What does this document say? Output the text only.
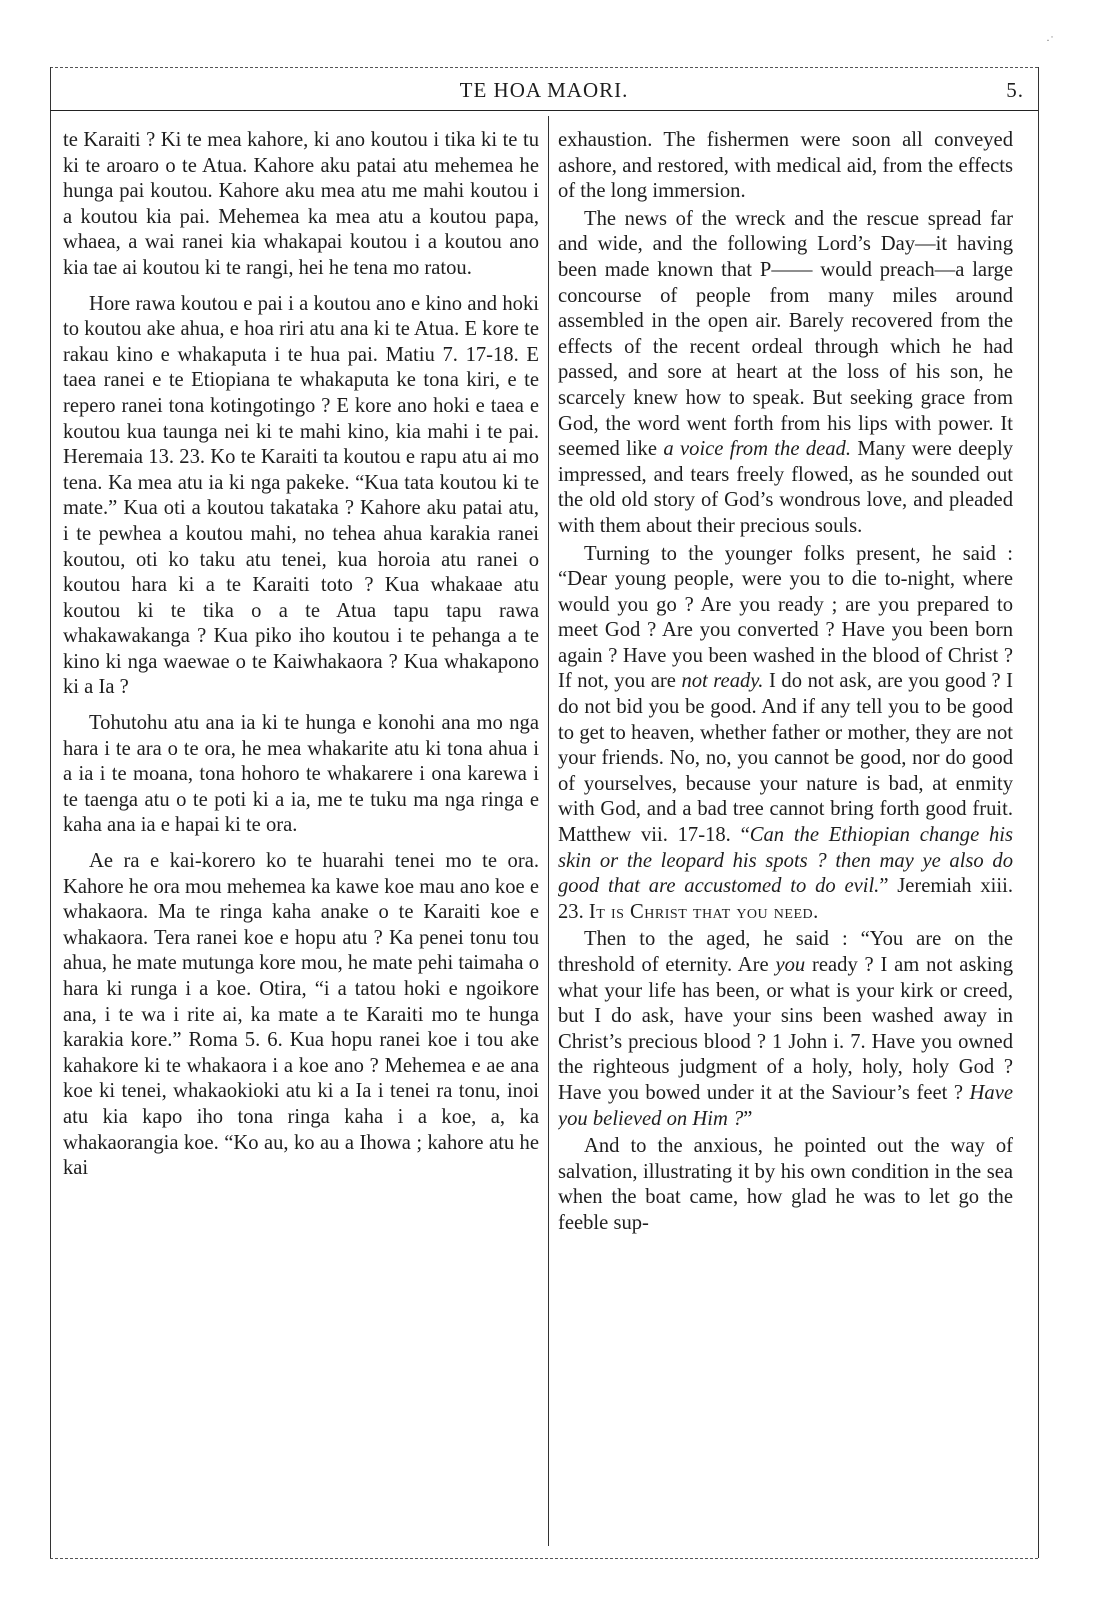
·˙
TE HOA MAORI.	5.

te Karaiti ? Ki te mea kahore, ki ano koutou i tika ki te tu ki te aroaro o te Atua. Kahore aku patai atu mehemea he hunga pai koutou. Kahore aku mea atu me mahi koutou i a koutou kia pai. Mehemea ka mea atu a koutou papa, whaea, a wai ranei kia whakapai koutou i a koutou ano kia tae ai koutou ki te rangi, hei he tena mo ratou.

Hore rawa koutou e pai i a koutou ano e kino and hoki to koutou ake ahua, e hoa riri atu ana ki te Atua. E kore te rakau kino e whakaputa i te hua pai. Matiu 7. 17-18. E taea ranei e te Etiopiana te whakaputa ke tona kiri, e te repero ranei tona kotingotingo ? E kore ano hoki e taea e koutou kua taunga nei ki te mahi kino, kia mahi i te pai. Heremaia 13. 23. Ko te Karaiti ta koutou e rapu atu ai mo tena. Ka mea atu ia ki nga pakeke. “Kua tata koutou ki te mate.” Kua oti a koutou takataka ? Kahore aku patai atu, i te pewhea a koutou mahi, no tehea ahua karakia ranei koutou, oti ko taku atu tenei, kua horoia atu ranei o koutou hara ki a te Karaiti toto ? Kua whakaae atu koutou ki te tika o a te Atua tapu tapu rawa whakawakanga ? Kua piko iho koutou i te pehanga a te kino ki nga waewae o te Kaiwhakaora ? Kua whakapono ki a Ia ?

Tohutohu atu ana ia ki te hunga e konohi ana mo nga hara i te ara o te ora, he mea whakarite atu ki tona ahua i a ia i te moana, tona hohoro te whakarere i ona karewa i te taenga atu o te poti ki a ia, me te tuku ma nga ringa e kaha ana ia e hapai ki te ora.

Ae ra e kai-korero ko te huarahi tenei mo te ora. Kahore he ora mou mehemea ka kawe koe mau ano koe e whakaora. Ma te ringa kaha anake o te Karaiti koe e whakaora. Tera ranei koe e hopu atu ? Ka penei tonu tou ahua, he mate mutunga kore mou, he mate pehi taimaha o hara ki runga i a koe. Otira, “i a tatou hoki e ngoikore ana, i te wa i rite ai, ka mate a te Karaiti mo te hunga karakia kore.” Roma 5. 6. Kua hopu ranei koe i tou ake kahakore ki te whakaora i a koe ano ? Mehemea e ae ana koe ki tenei, whakaokioki atu ki a Ia i tenei ra tonu, inoi atu kia kapo iho tona ringa kaha i a koe, a, ka whakaorangia koe. “Ko au, ko au a Ihowa ; kahore atu he kai

exhaustion. The fishermen were soon all conveyed ashore, and restored, with medical aid, from the effects of the long immersion.

The news of the wreck and the rescue spread far and wide, and the following Lord’s Day—it having been made known that P—— would preach—a large concourse of people from many miles around assembled in the open air. Barely recovered from the effects of the recent ordeal through which he had passed, and sore at heart at the loss of his son, he scarcely knew how to speak. But seeking grace from God, the word went forth from his lips with power. It seemed like a voice from the dead. Many were deeply impressed, and tears freely flowed, as he sounded out the old old story of God’s wondrous love, and pleaded with them about their precious souls.

Turning to the younger folks present, he said : “Dear young people, were you to die to-night, where would you go ? Are you ready ; are you prepared to meet God ? Are you converted ? Have you been born again ? Have you been washed in the blood of Christ ? If not, you are not ready. I do not ask, are you good ? I do not bid you be good. And if any tell you to be good to get to heaven, whether father or mother, they are not your friends. No, no, you cannot be good, nor do good of yourselves, because your nature is bad, at enmity with God, and a bad tree cannot bring forth good fruit. Matthew vii. 17-18. “Can the Ethiopian change his skin or the leopard his spots ? then may ye also do good that are accustomed to do evil.” Jeremiah xiii. 23. It is Christ that you need.

Then to the aged, he said : “You are on the threshold of eternity. Are you ready ? I am not asking what your life has been, or what is your kirk or creed, but I do ask, have your sins been washed away in Christ’s precious blood ? 1 John i. 7. Have you owned the righteous judgment of a holy, holy, holy God ? Have you bowed under it at the Saviour’s feet ? Have you believed on Him ?”

And to the anxious, he pointed out the way of salvation, illustrating it by his own condition in the sea when the boat came, how glad he was to let go the feeble sup-
